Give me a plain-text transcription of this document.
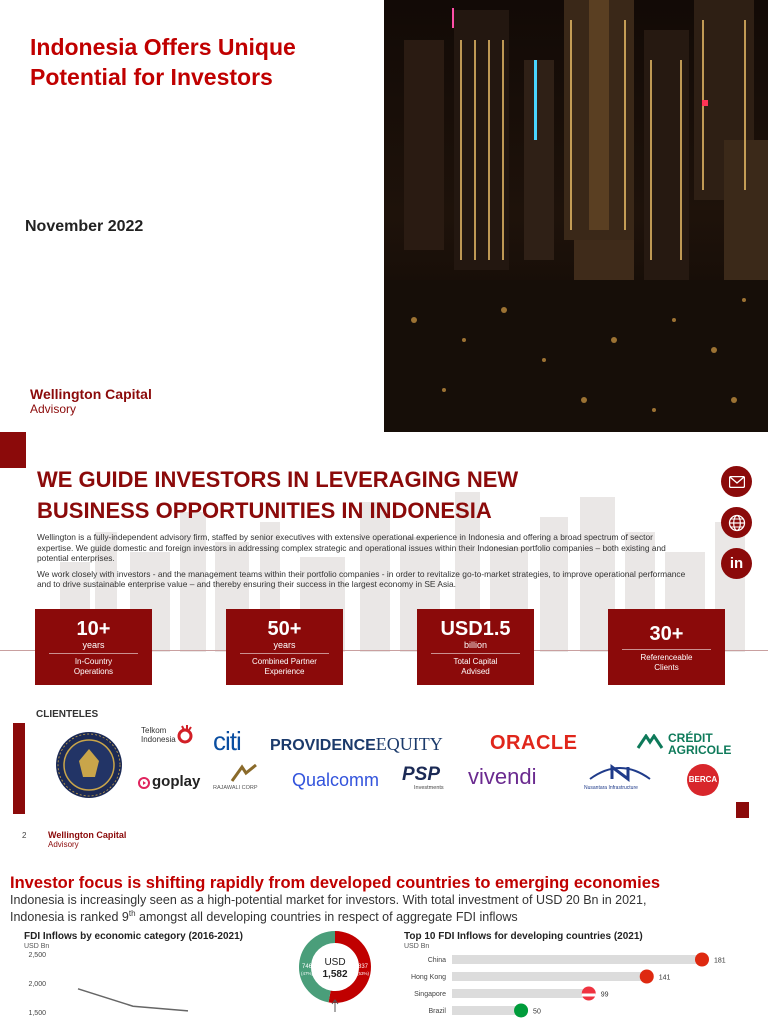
Indonesia Offers Unique
Potential for Investors
November 2022
Wellington Capital
Advisory
WE GUIDE INVESTORS IN LEVERAGING NEW
BUSINESS OPPORTUNITIES IN INDONESIA

Wellington is a fully-independent advisory firm, staffed by senior executives with extensive operational experience in Indonesia and offering a broad spectrum of sector expertise. We guide domestic and foreign investors in addressing complex strategic and operational issues within their Indonesian portfolio companies – both existing and potential enterprises.

We work closely with investors - and the management teams within their portfolio companies - in order to revitalize go-to-market strategies, to improve operational performance and to drive sustainable enterprise value – and thereby ensuring their success in the largest economy in SE Asia.

in
10+
years
In-Country
Operations
50+
years
Combined Partner
Experience
USD1.5
billion
Total Capital
Advised
30+
Referenceable
Clients
CLIENTELES
Telkom
Indonesia citi PROVIDENCEEQUITY ORACLE	CRÉDIT
AGRICOLE
goplay RAJAWALI CORP Qualcomm PSP
Investments vivendi	Nusantara Infrastructure
BERCA
2 Wellington Capital
Advisory
Investor focus is shifting rapidly from developed countries to emerging economies
Indonesia is increasingly seen as a high-potential market for investors. With total investment of USD 20 Bn in 2021,
Indonesia is ranked 9th amongst all developing countries in respect of aggregate FDI inflows
FDI Inflows by economic category (2016-2021)
USD Bn
2,500
2,000
1,500
USD
1,582
746
(47%)
837
(53%)
Top 10 FDI Inflows for developing countries (2021)
USD Bn
China	181
Hong Kong	141
Singapore	99
Brazil	50
